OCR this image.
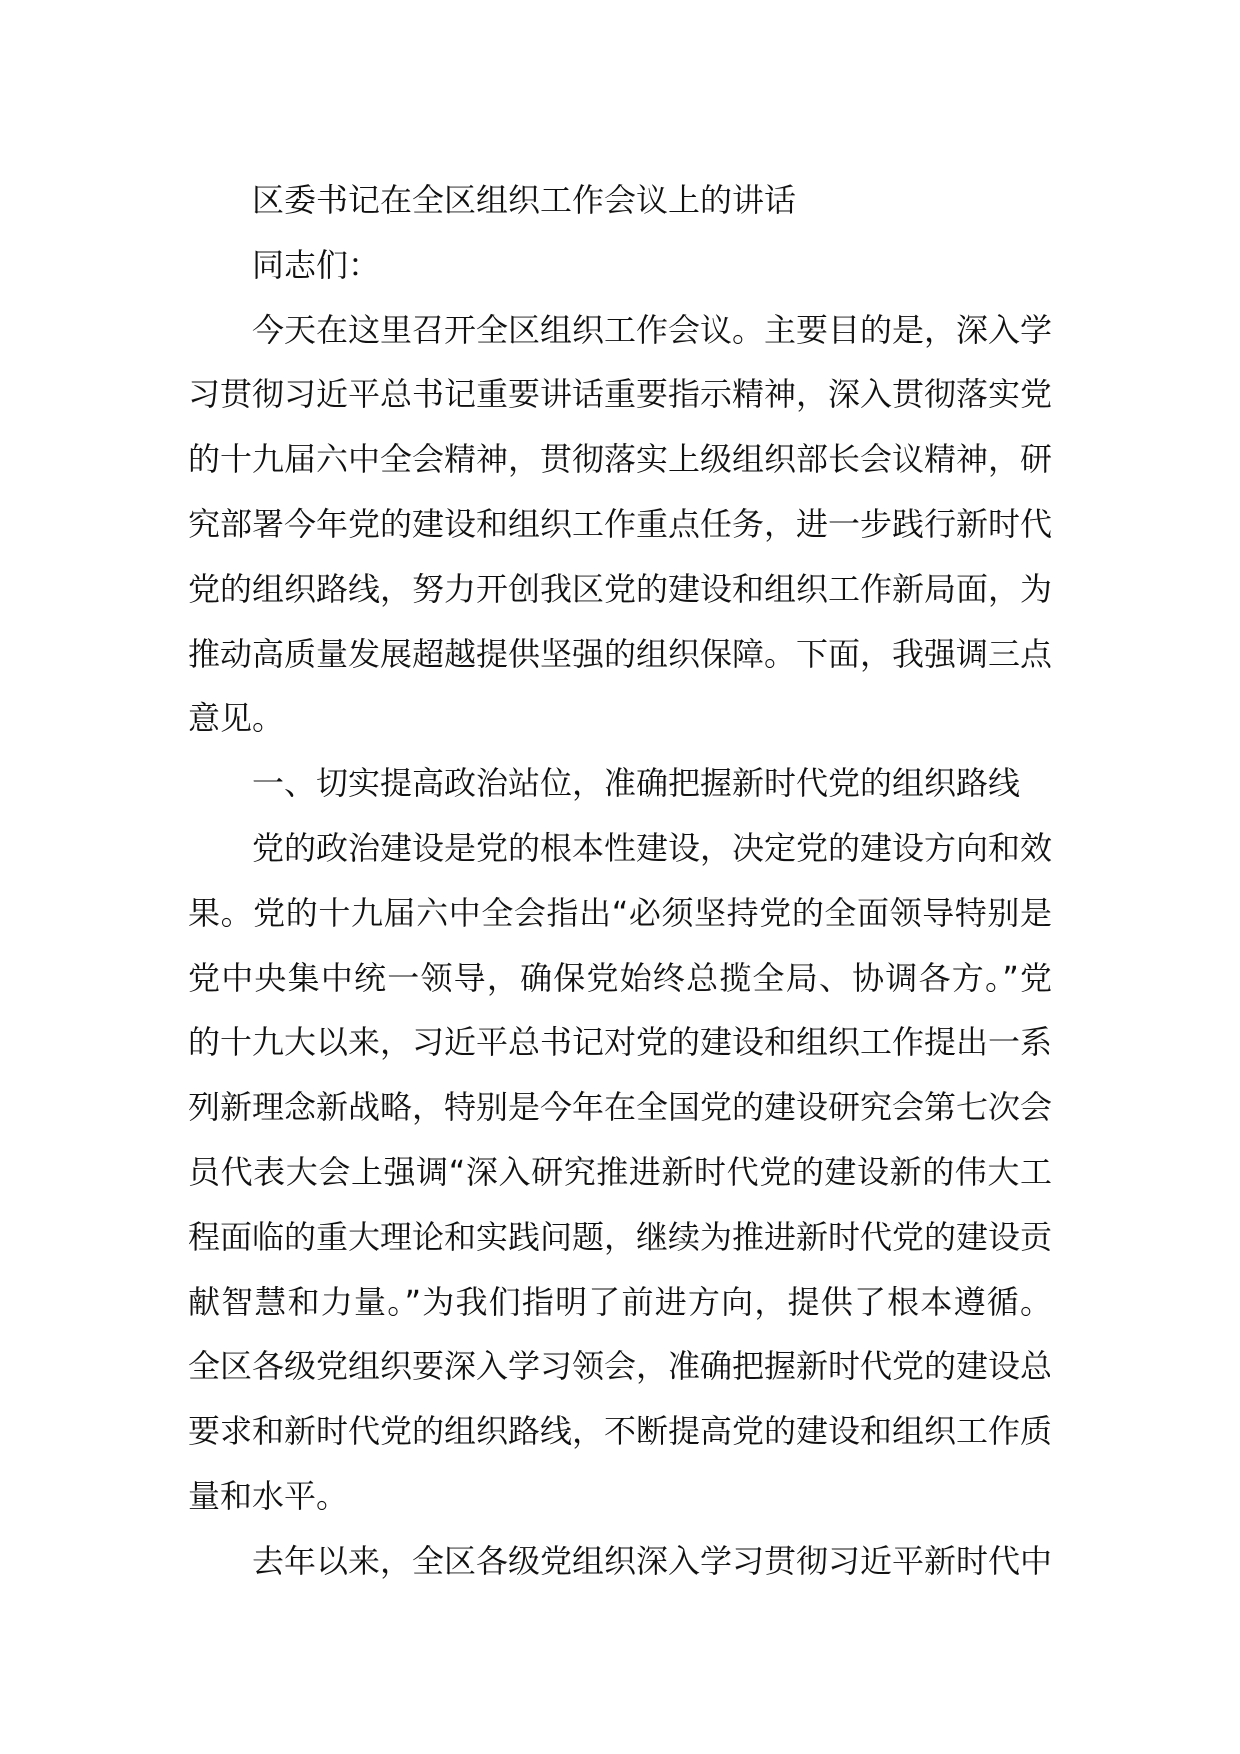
区委书记在全区组织工作会议上的讲话
同志们：
今天在这里召开全区组织工作会议。主要目的是，深入学
习贯彻习近平总书记重要讲话重要指示精神，深入贯彻落实党
的十九届六中全会精神，贯彻落实上级组织部长会议精神，研
究部署今年党的建设和组织工作重点任务，进一步践行新时代
党的组织路线，努力开创我区党的建设和组织工作新局面，为
推动高质量发展超越提供坚强的组织保障。下面，我强调三点
意见。
一、切实提高政治站位，准确把握新时代党的组织路线
党的政治建设是党的根本性建设，决定党的建设方向和效
果。党的十九届六中全会指出“必须坚持党的全面领导特别是
党中央集中统一领导，确保党始终总揽全局、协调各方。”党
的十九大以来，习近平总书记对党的建设和组织工作提出一系
列新理念新战略，特别是今年在全国党的建设研究会第七次会
员代表大会上强调“深入研究推进新时代党的建设新的伟大工
程面临的重大理论和实践问题，继续为推进新时代党的建设贡
献智慧和力量。”为我们指明了前进方向，提供了根本遵循。
全区各级党组织要深入学习领会，准确把握新时代党的建设总
要求和新时代党的组织路线，不断提高党的建设和组织工作质
量和水平。
去年以来，全区各级党组织深入学习贯彻习近平新时代中
